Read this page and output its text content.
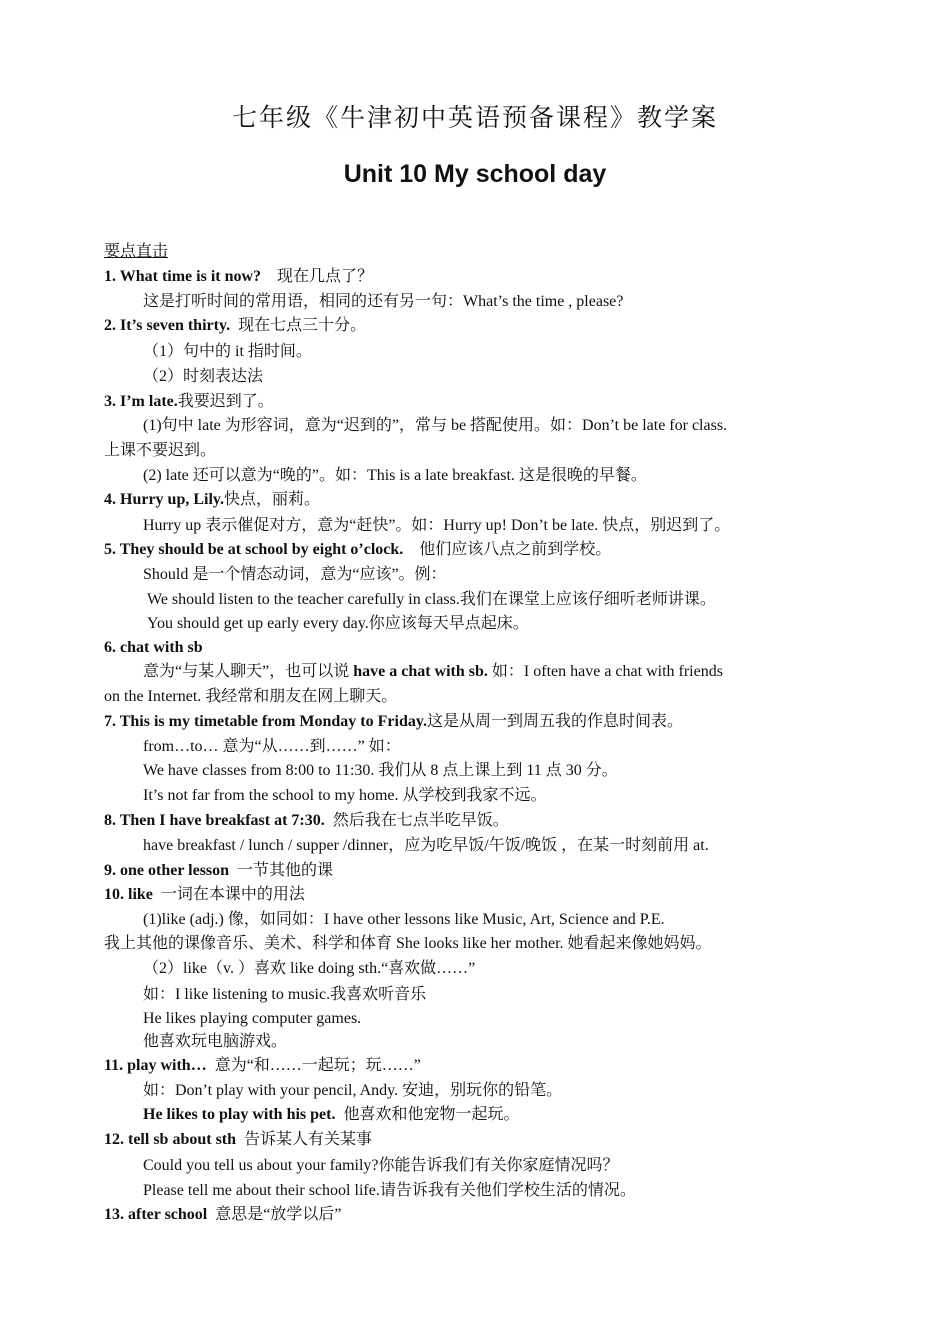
七年级《牛津初中英语预备课程》教学案
Unit 10 My school day
要点直击
1. What time is it now? 现在几点了？
这是打听时间的常用语，相同的还有另一句：What’s the time , please?
2. It’s seven thirty. 现在七点三十分。
（1）句中的 it 指时间。
（2）时刻表达法
3. I’m late.我要迟到了。
(1)句中 late 为形容词，意为“迟到的”，常与 be 搭配使用。如：Don’t be late for class.
上课不要迟到。
(2) late 还可以意为“晚的”。如：This is a late breakfast. 这是很晚的早餐。
4. Hurry up, Lily.快点，丽莉。
Hurry up 表示催促对方，意为“赶快”。如：Hurry up! Don’t be late. 快点，别迟到了。
5. They should be at school by eight o’clock. 他们应该八点之前到学校。
Should 是一个情态动词，意为“应该”。例：
We should listen to the teacher carefully in class.我们在课堂上应该仔细听老师讲课。
You should get up early every day.你应该每天早点起床。
6. chat with sb
意为“与某人聊天”，也可以说 have a chat with sb. 如：I often have a chat with friends
on the Internet. 我经常和朋友在网上聊天。
7. This is my timetable from Monday to Friday.这是从周一到周五我的作息时间表。
from…to… 意为“从……到……” 如：
We have classes from 8:00 to 11:30. 我们从 8 点上课上到 11 点 30 分。
It’s not far from the school to my home. 从学校到我家不远。
8. Then I have breakfast at 7:30. 然后我在七点半吃早饭。
have breakfast / lunch / supper /dinner，应为吃早饭/午饭/晚饭 ，在某一时刻前用 at.
9. one other lesson 一节其他的课
10. like 一词在本课中的用法
(1)like (adj.) 像，如同如：I have other lessons like Music, Art, Science and P.E.
我上其他的课像音乐、美术、科学和体育 She looks like her mother. 她看起来像她妈妈。
（2）like（v. ）喜欢 like doing sth.“喜欢做……”
如：I like listening to music.我喜欢听音乐
He likes playing computer games.
他喜欢玩电脑游戏。
11. play with… 意为“和……一起玩；玩……”
如：Don’t play with your pencil, Andy. 安迪，别玩你的铅笔。
He likes to play with his pet. 他喜欢和他宠物一起玩。
12. tell sb about sth 告诉某人有关某事
Could you tell us about your family?你能告诉我们有关你家庭情况吗？
Please tell me about their school life.请告诉我有关他们学校生活的情况。
13. after school 意思是“放学以后”
